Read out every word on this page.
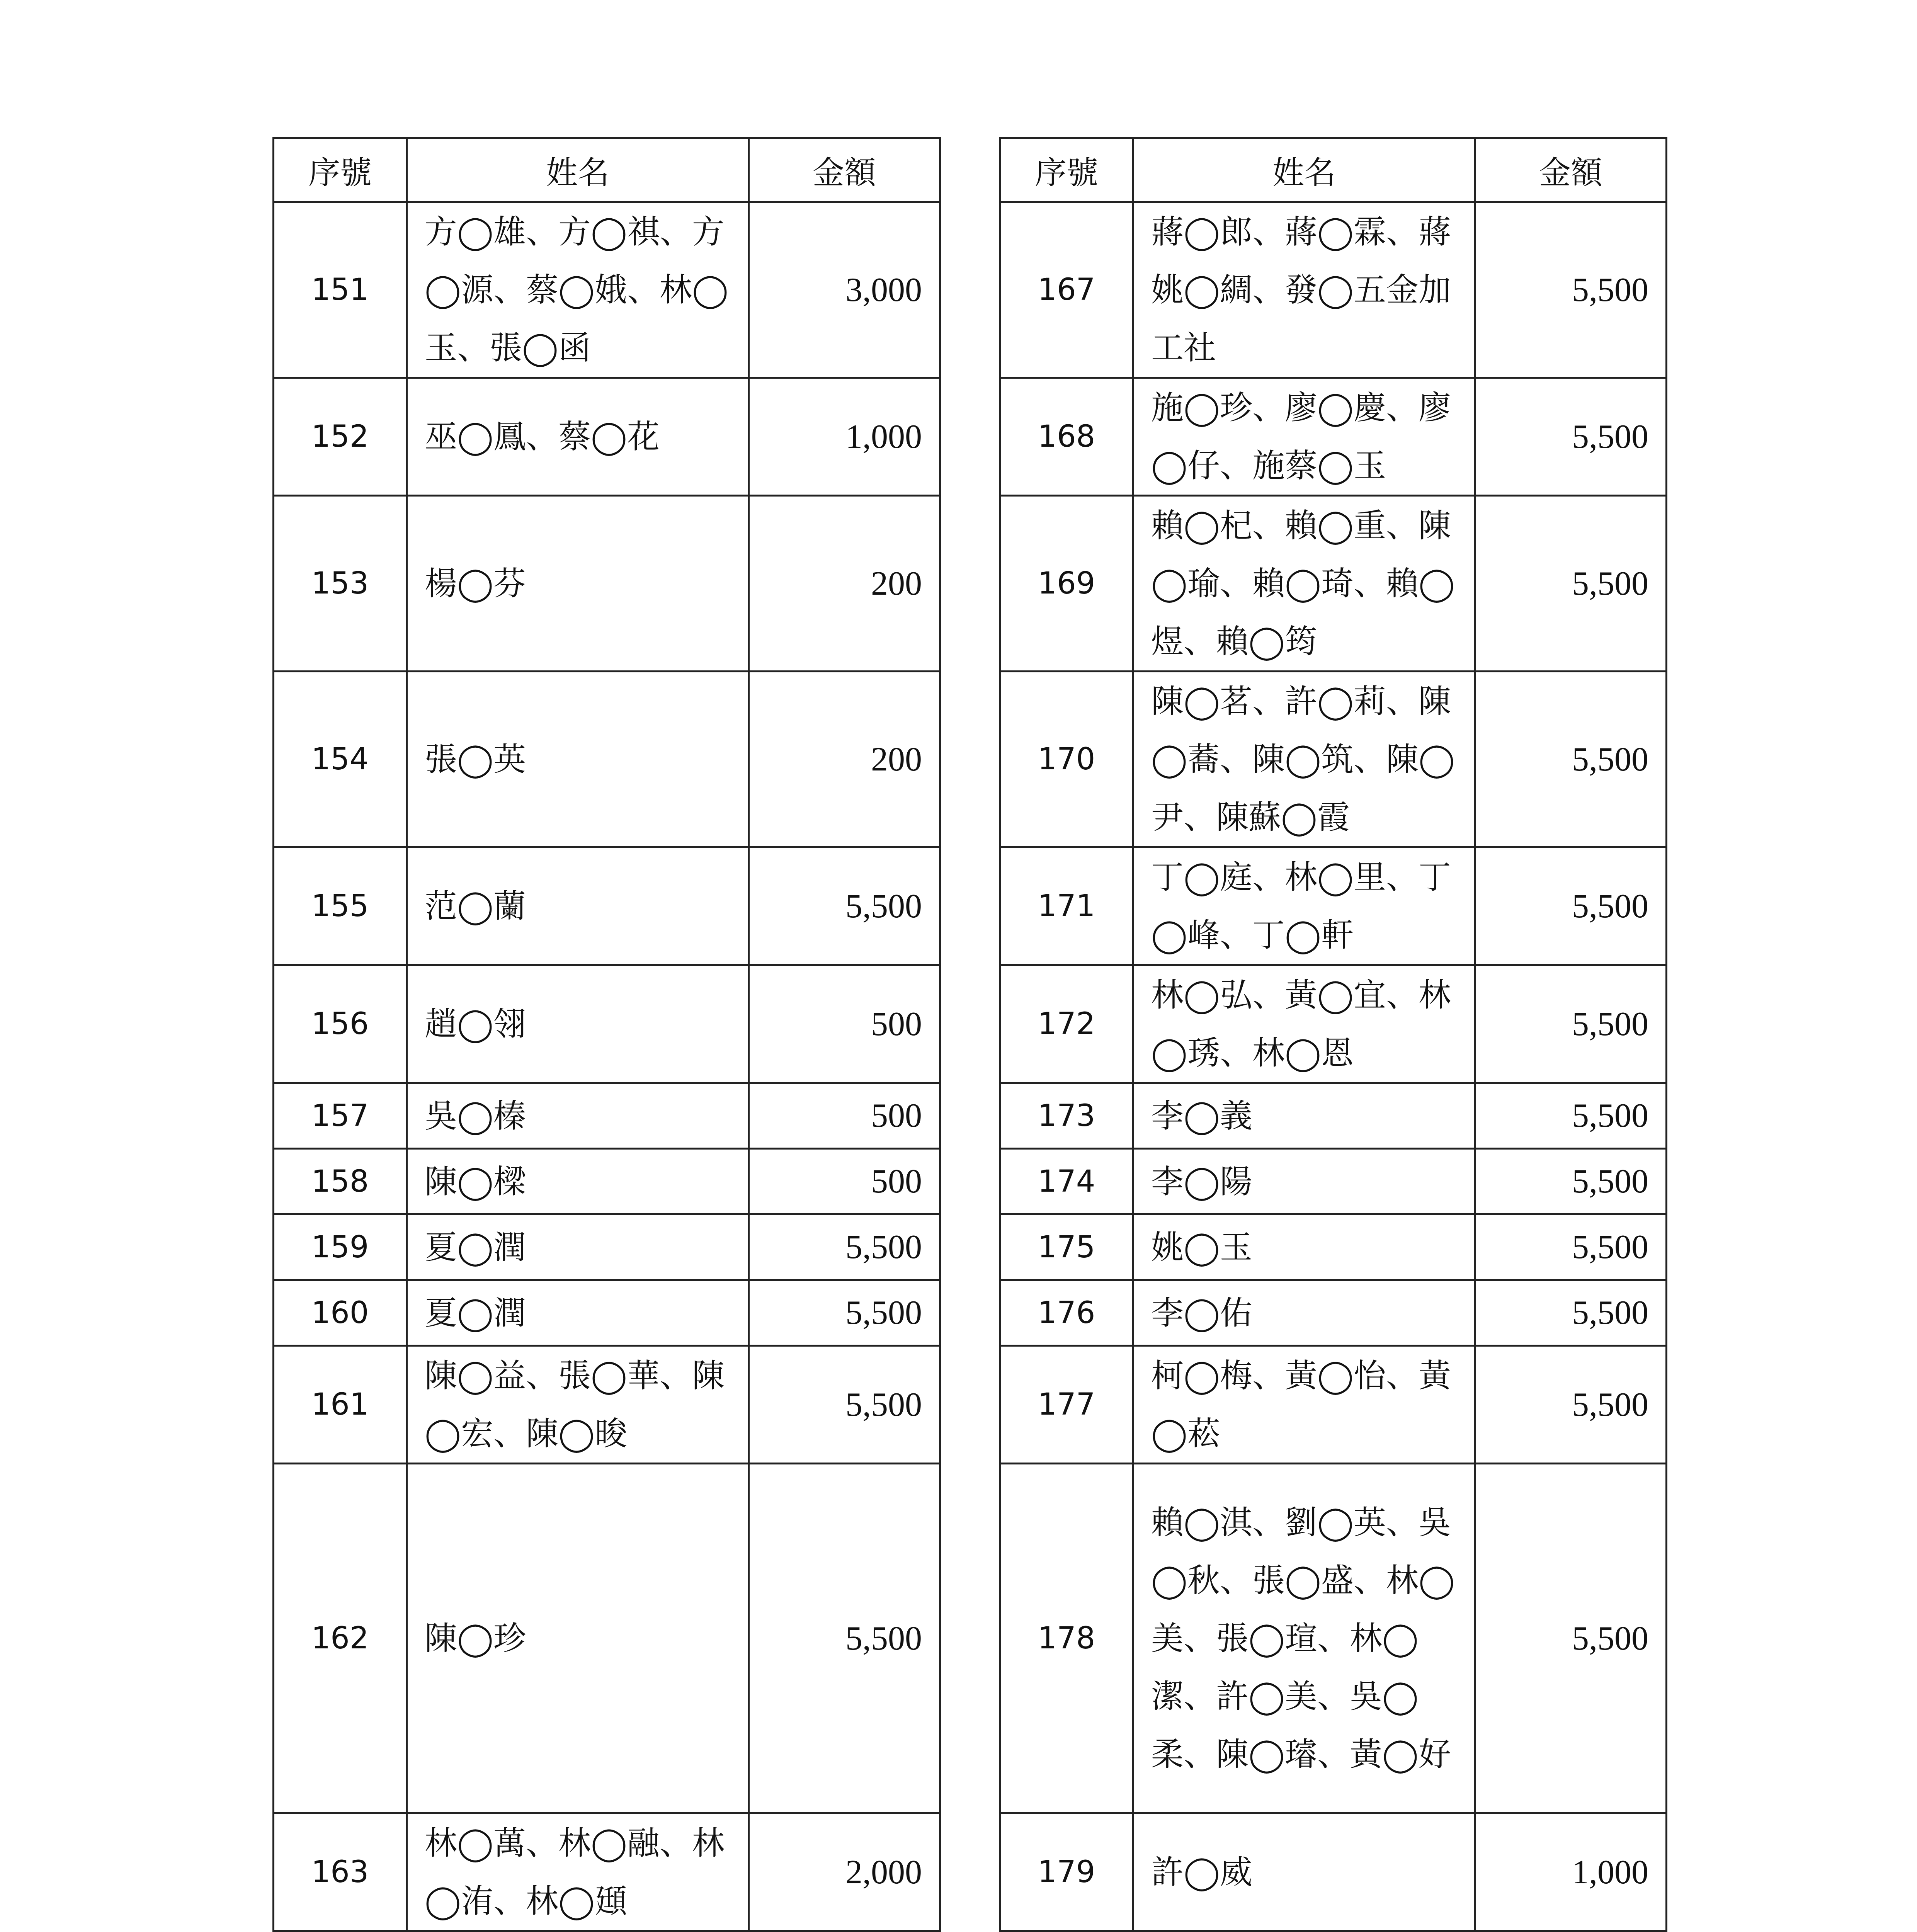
序號	姓名	金額
151	方◯雄、方◯祺、方◯源、蔡◯娥、林◯玉、張◯函	3,000
152	巫◯鳳、蔡◯花	1,000
153	楊◯芬	200
154	張◯英	200
155	范◯蘭	5,500
156	趙◯翎	500
157	吳◯榛	500
158	陳◯樑	500
159	夏◯潤	5,500
160	夏◯潤	5,500
161	陳◯益、張◯華、陳◯宏、陳◯晙	5,500
162	陳◯珍	5,500
163	林◯萬、林◯融、林◯洧、林◯頲	2,000

序號	姓名	金額
167	蔣◯郎、蔣◯霖、蔣姚◯綢、發◯五金加工社	5,500
168	施◯珍、廖◯慶、廖◯仔、施蔡◯玉	5,500
169	賴◯杞、賴◯重、陳◯瑜、賴◯琦、賴◯煜、賴◯筠	5,500
170	陳◯茗、許◯莉、陳◯蕎、陳◯筑、陳◯尹、陳蘇◯霞	5,500
171	丁◯庭、林◯里、丁◯峰、丁◯軒	5,500
172	林◯弘、黃◯宜、林◯琇、林◯恩	5,500
173	李◯義	5,500
174	李◯陽	5,500
175	姚◯玉	5,500
176	李◯佑	5,500
177	柯◯梅、黃◯怡、黃◯菘	5,500
178	賴◯淇、劉◯英、吳◯秋、張◯盛、林◯美、張◯瑄、林◯潔、許◯美、吳◯柔、陳◯璿、黃◯好	5,500
179	許◯威	1,000
